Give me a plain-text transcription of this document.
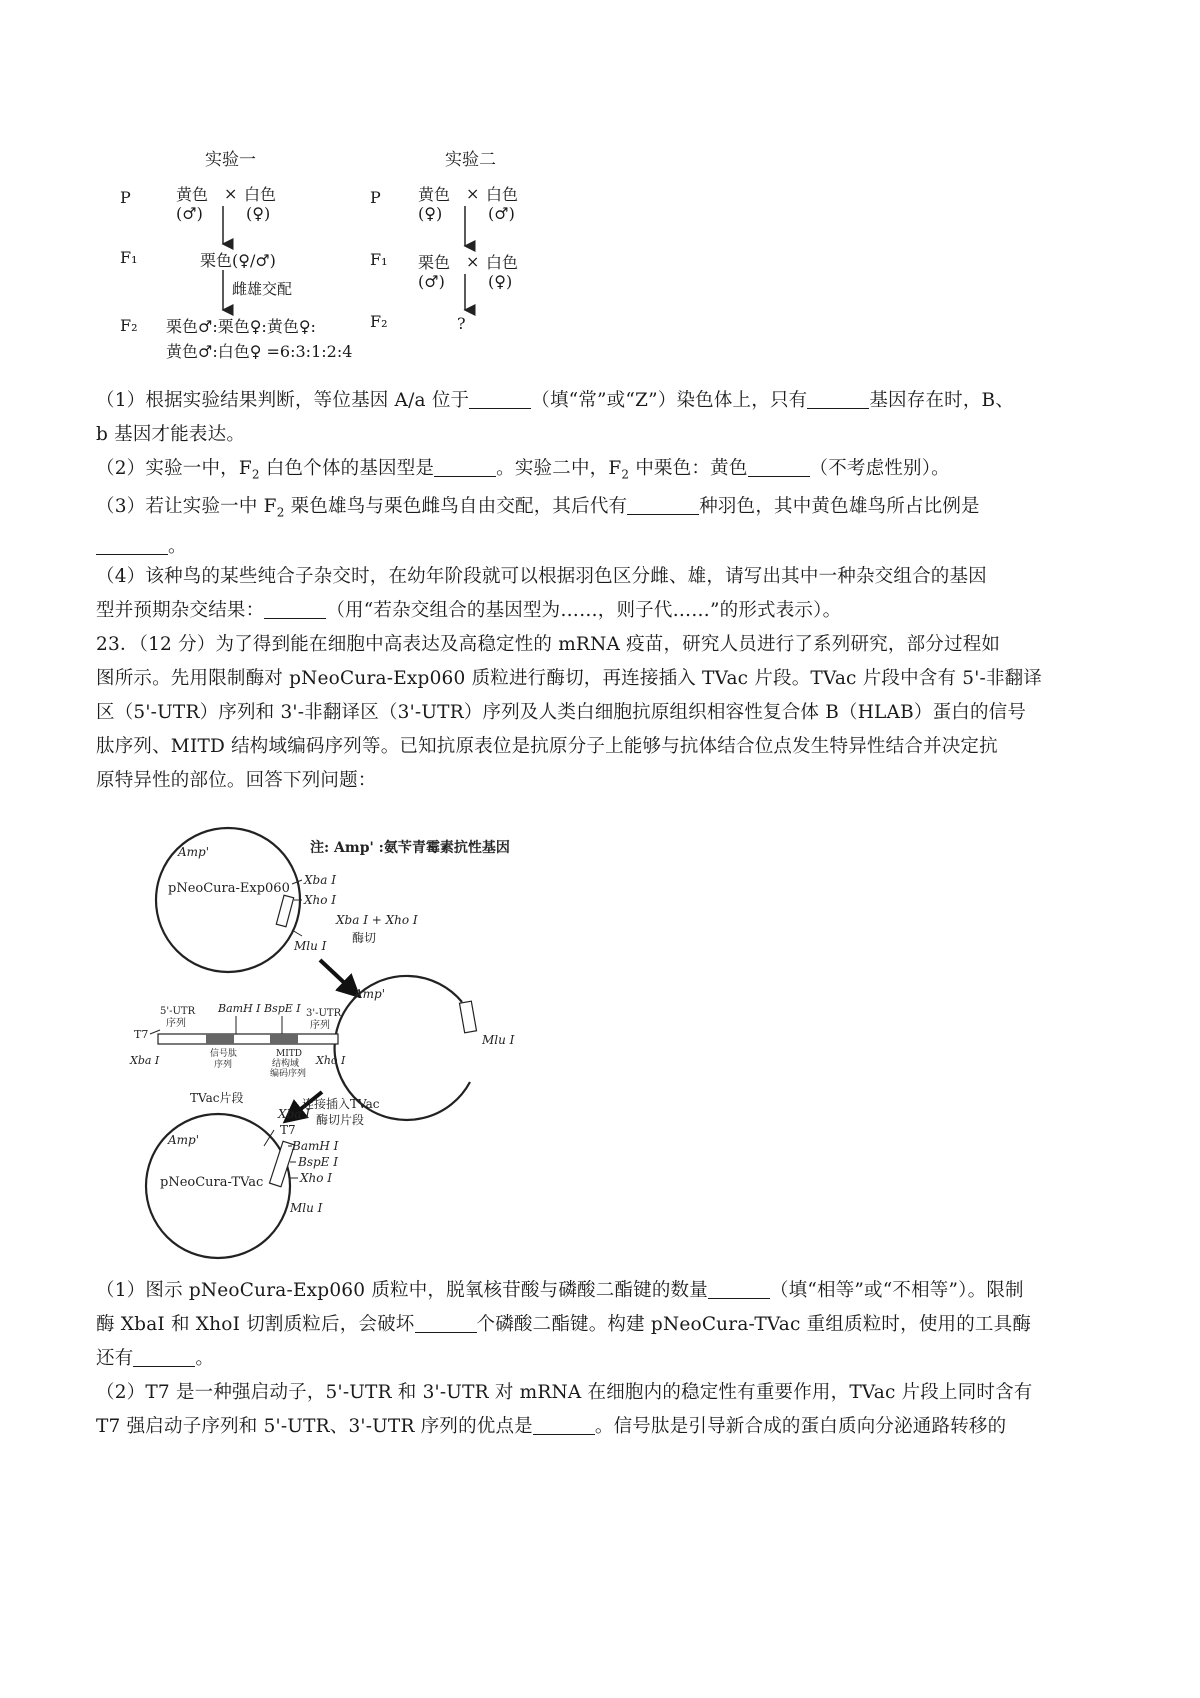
实验一
P	黄色
(♂)
× 白色
(♀)
F₁	栗色(♀/♂)
雌雄交配
F₂ 栗色♂:栗色♀:黄色♀:
黄色♂:白色♀ =6:3:1:2:4
实验二
P 黄色
(♀)
× 白色
(♂)
F₁ 栗色
(♂)
× 白色
(♀)
F₂	?
（1）根据实验结果判断，等位基因 A/a 位于	（填“常”或“Z”）染色体上，只有	基因存在时，B、
b 基因才能表达。
（2）实验一中，$F_2$ 白色个体的基因型是	。实验二中，$F_2$ 中栗色：黄色	（不考虑性别）。
（3）若让实验一中 $F_2$ 栗色雄鸟与栗色雌鸟自由交配，其后代有	种羽色，其中黄色雄鸟所占比例是
。
（4）该种鸟的某些纯合子杂交时，在幼年阶段就可以根据羽色区分雌、雄，请写出其中一种杂交组合的基因
型并预期杂交结果：	（用“若杂交组合的基因型为……，则子代……”的形式表示）。
23．（12 分）为了得到能在细胞中高表达及高稳定性的 mRNA 疫苗，研究人员进行了系列研究，部分过程如
图所示。先用限制酶对 pNeoCura-Exp060 质粒进行酶切，再连接插入 TVac 片段。TVac 片段中含有 5'-非翻译
区（5'-UTR）序列和 3'-非翻译区（3'-UTR）序列及人类白细胞抗原组织相容性复合体 B（HLAB）蛋白的信号
肽序列、MITD 结构域编码序列等。已知抗原表位是抗原分子上能够与抗体结合位点发生特异性结合并决定抗
原特异性的部位。回答下列问题：
注: Amp' :氨苄青霉素抗性基因
Amp'
pNeoCura-Exp060
Xba I
Xho I
Xba I + Xho I
酶切
Mlu I
Amp'
Mlu I
5'-UTR
序列
BamH I BspE I 3'-UTR
序列
T7
Xba I	信号肽
序列
MITD
结构域
编码序列
Xho I
TVac片段
Amp'
pNeoCura-TVac
Xba I
T7
连接插入TVac
酶切片段
BamH I
BspE I
Xho I
Mlu I
（1）图示 pNeoCura-Exp060 质粒中，脱氧核苷酸与磷酸二酯键的数量	（填“相等”或“不相等”）。限制
酶 XbaI 和 XhoI 切割质粒后，会破坏	个磷酸二酯键。构建 pNeoCura-TVac 重组质粒时，使用的工具酶
还有	。
（2）T7 是一种强启动子，5'-UTR 和 3'-UTR 对 mRNA 在细胞内的稳定性有重要作用，TVac 片段上同时含有
T7 强启动子序列和 5'-UTR、3'-UTR 序列的优点是	。信号肽是引导新合成的蛋白质向分泌通路转移的
